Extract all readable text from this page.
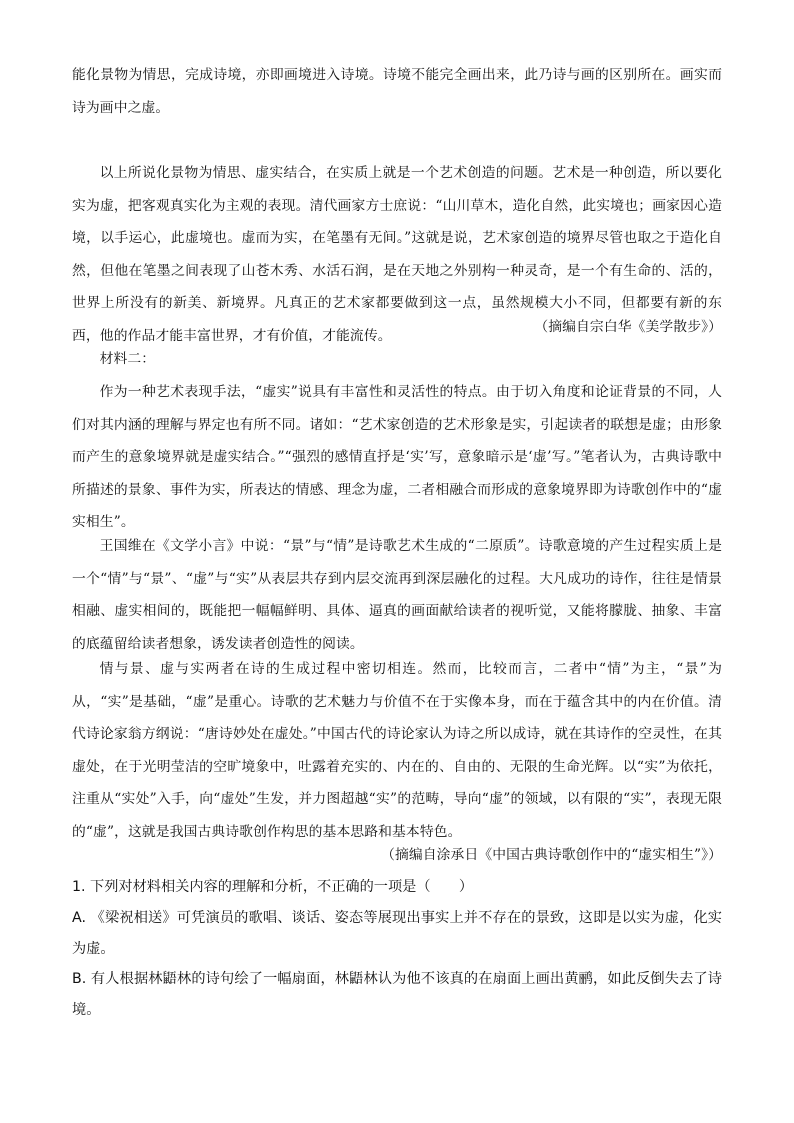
能化景物为情思，完成诗境，亦即画境进入诗境。诗境不能完全画出来，此乃诗与画的区别所在。画实而诗为画中之虚。

以上所说化景物为情思、虚实结合，在实质上就是一个艺术创造的问题。艺术是一种创造，所以要化实为虚，把客观真实化为主观的表现。清代画家方士庶说：“山川草木，造化自然，此实境也；画家因心造境，以手运心，此虚境也。虚而为实，在笔墨有无间。”这就是说，艺术家创造的境界尽管也取之于造化自然，但他在笔墨之间表现了山苍木秀、水活石润，是在天地之外别构一种灵奇，是一个有生命的、活的，世界上所没有的新美、新境界。凡真正的艺术家都要做到这一点，虽然规模大小不同，但都要有新的东西，他的作品才能丰富世界，才有价值，才能流传。

（摘编自宗白华《美学散步》）

材料二：

作为一种艺术表现手法，“虚实”说具有丰富性和灵活性的特点。由于切入角度和论证背景的不同，人们对其内涵的理解与界定也有所不同。诸如：“艺术家创造的艺术形象是实，引起读者的联想是虚；由形象而产生的意象境界就是虚实结合。”“强烈的感情直抒是‘实’写，意象暗示是‘虚’写。”笔者认为，古典诗歌中所描述的景象、事件为实，所表达的情感、理念为虚，二者相融合而形成的意象境界即为诗歌创作中的“虚实相生”。

王国维在《文学小言》中说：“景”与“情”是诗歌艺术生成的“二原质”。诗歌意境的产生过程实质上是一个“情”与“景”、“虚”与“实”从表层共存到内层交流再到深层融化的过程。大凡成功的诗作，往往是情景相融、虚实相间的，既能把一幅幅鲜明、具体、逼真的画面献给读者的视听觉，又能将朦胧、抽象、丰富的底蕴留给读者想象，诱发读者创造性的阅读。

情与景、虚与实两者在诗的生成过程中密切相连。然而，比较而言，二者中“情”为主，“景”为从，“实”是基础，“虚”是重心。诗歌的艺术魅力与价值不在于实像本身，而在于蕴含其中的内在价值。清代诗论家翁方纲说：“唐诗妙处在虚处。”中国古代的诗论家认为诗之所以成诗，就在其诗作的空灵性，在其虚处，在于光明莹洁的空旷境象中，吐露着充实的、内在的、自由的、无限的生命光辉。以“实”为依托，注重从“实处”入手，向“虚处”生发，并力图超越“实”的范畴，导向“虚”的领域，以有限的“实”，表现无限的“虚”，这就是我国古典诗歌创作构思的基本思路和基本特色。

（摘编自涂承日《中国古典诗歌创作中的“虚实相生”》）

1. 下列对材料相关内容的理解和分析，不正确的一项是（　　）

A. 《梁祝相送》可凭演员的歌唱、谈话、姿态等展现出事实上并不存在的景致，这即是以实为虚，化实为虚。

B. 有人根据林鼯林的诗句绘了一幅扇面，林鼯林认为他不该真的在扇面上画出黄鹂，如此反倒失去了诗境。
